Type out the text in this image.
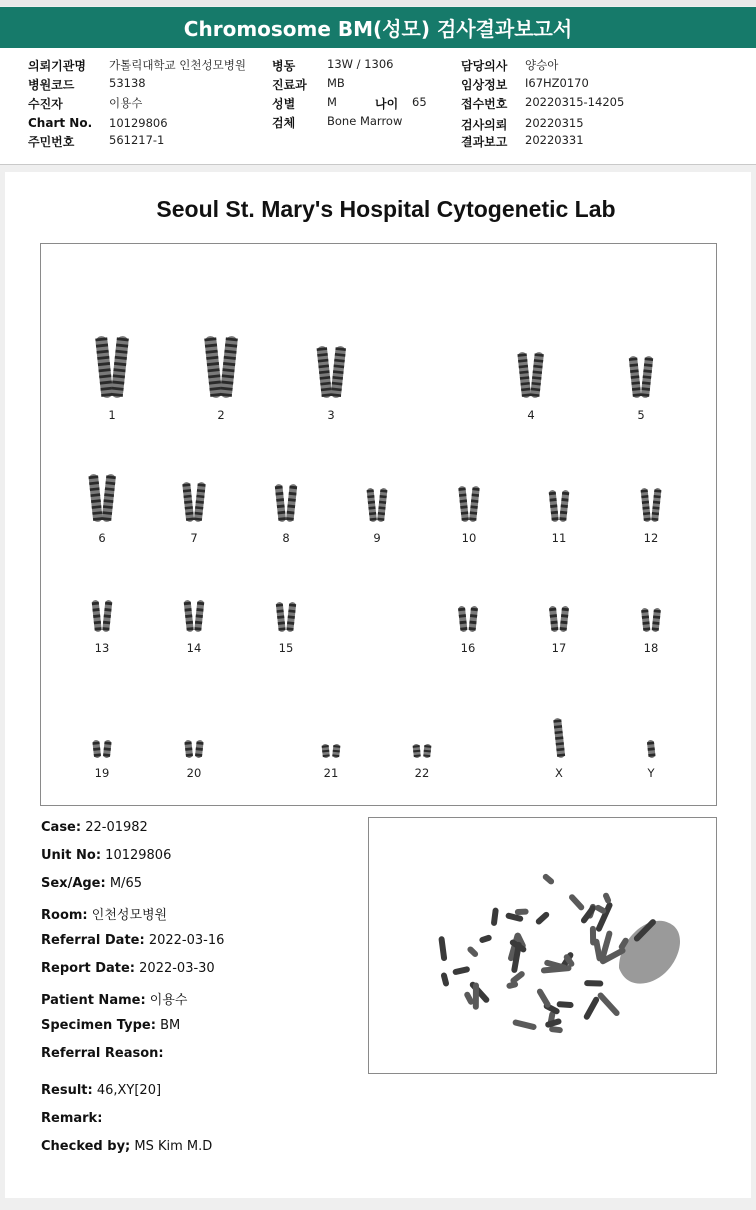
Chromosome BM(성모) 검사결과보고서
의뢰기관명 가톨릭대학교 인천성모병원
병원코드	53138
수진자	이용수
Chart No. 10129806
주민번호	561217-1
병동	13W / 1306
진료과 MB
성별	M	나이 65
검체	Bone Marrow
담당의사 양승아
임상정보 I67HZ0170
접수번호 20220315-14205
검사의뢰 20220315
결과보고 20220331
Seoul St. Mary's Hospital Cytogenetic Lab
1	2	3	4	5
6	7	8	9	10	11	12
13	14	15	16	17	18
19	20	21	22	X	Y
Case: 22-01982
Unit No: 10129806
Sex/Age: M/65
Room: 인천성모병원
Referral Date: 2022-03-16
Report Date: 2022-03-30
Patient Name: 이용수
Specimen Type: BM
Referral Reason:
Result: 46,XY[20]
Remark:
Checked by; MS Kim M.D
